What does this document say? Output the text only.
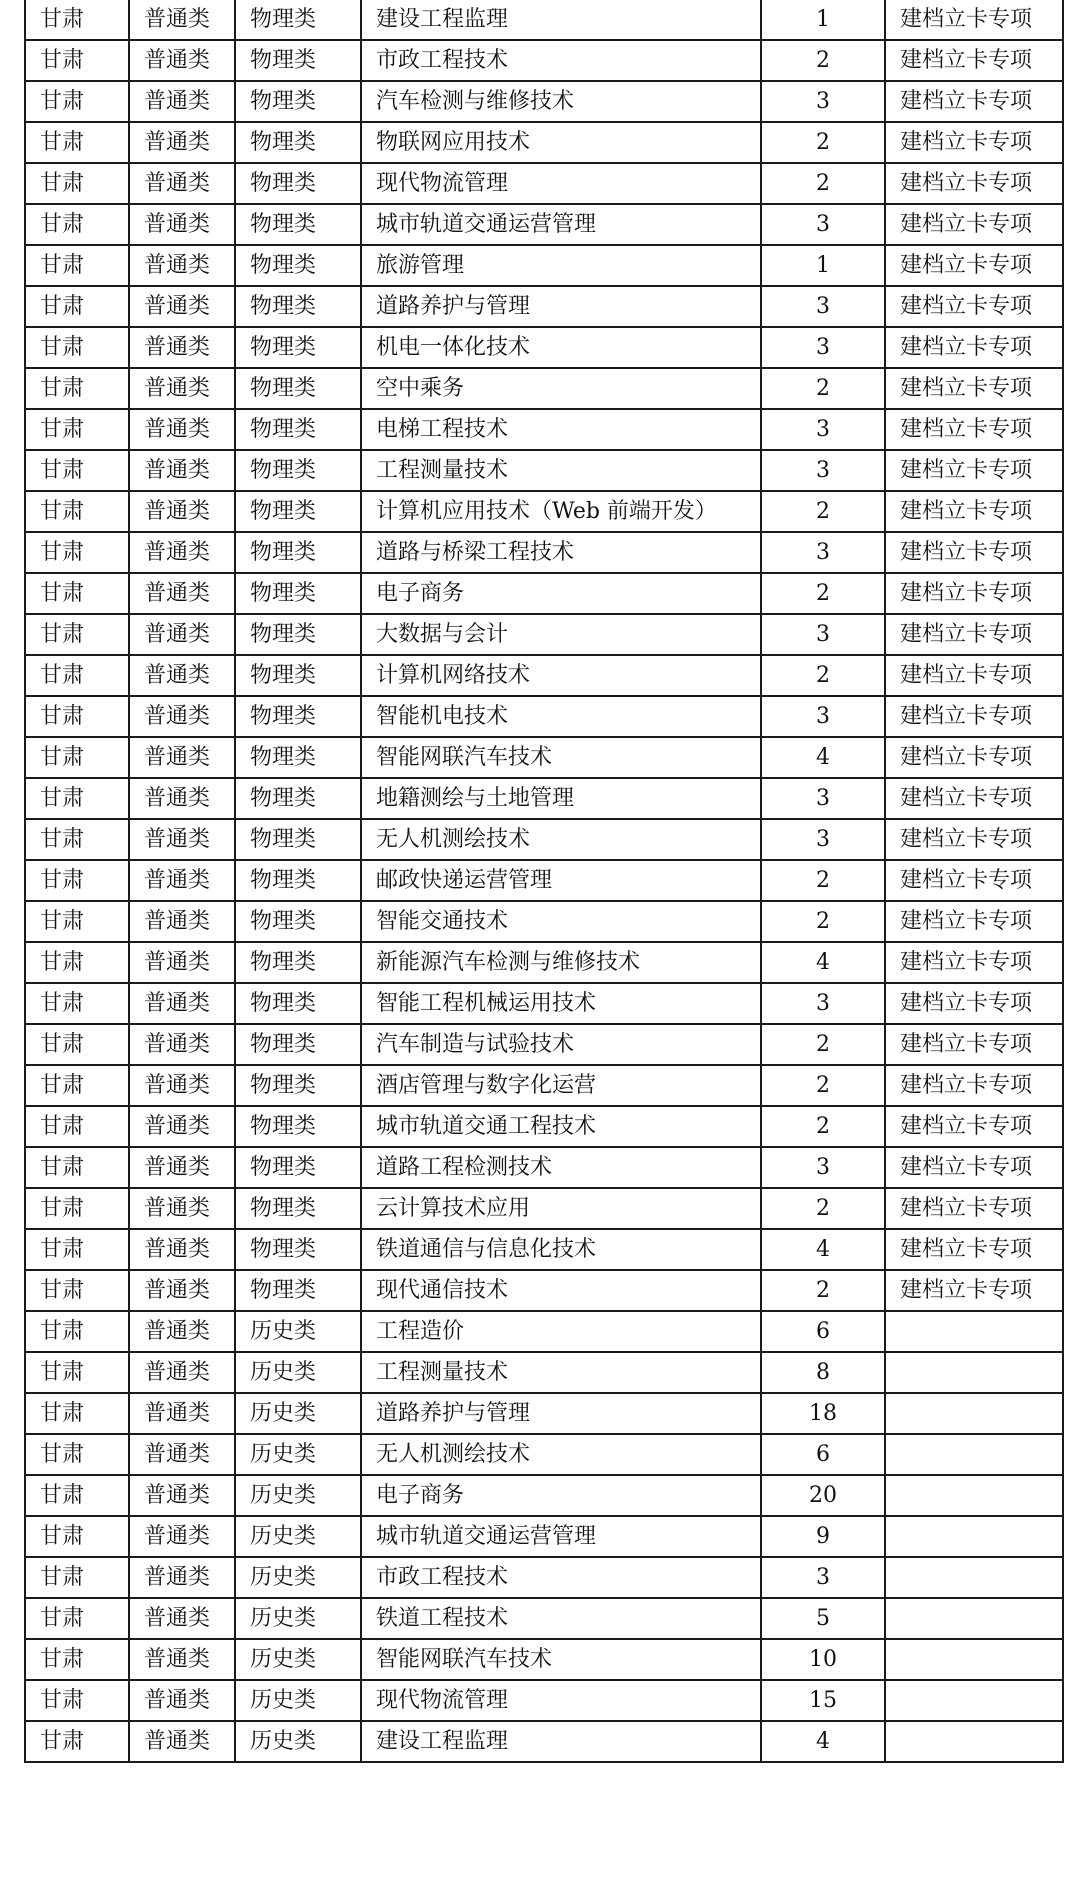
甘肃	普通类	物理类	建设工程监理	1	建档立卡专项
甘肃	普通类	物理类	市政工程技术	2	建档立卡专项
甘肃	普通类	物理类	汽车检测与维修技术	3	建档立卡专项
甘肃	普通类	物理类	物联网应用技术	2	建档立卡专项
甘肃	普通类	物理类	现代物流管理	2	建档立卡专项
甘肃	普通类	物理类	城市轨道交通运营管理	3	建档立卡专项
甘肃	普通类	物理类	旅游管理	1	建档立卡专项
甘肃	普通类	物理类	道路养护与管理	3	建档立卡专项
甘肃	普通类	物理类	机电一体化技术	3	建档立卡专项
甘肃	普通类	物理类	空中乘务	2	建档立卡专项
甘肃	普通类	物理类	电梯工程技术	3	建档立卡专项
甘肃	普通类	物理类	工程测量技术	3	建档立卡专项
甘肃	普通类	物理类	计算机应用技术（Web 前端开发）	2	建档立卡专项
甘肃	普通类	物理类	道路与桥梁工程技术	3	建档立卡专项
甘肃	普通类	物理类	电子商务	2	建档立卡专项
甘肃	普通类	物理类	大数据与会计	3	建档立卡专项
甘肃	普通类	物理类	计算机网络技术	2	建档立卡专项
甘肃	普通类	物理类	智能机电技术	3	建档立卡专项
甘肃	普通类	物理类	智能网联汽车技术	4	建档立卡专项
甘肃	普通类	物理类	地籍测绘与土地管理	3	建档立卡专项
甘肃	普通类	物理类	无人机测绘技术	3	建档立卡专项
甘肃	普通类	物理类	邮政快递运营管理	2	建档立卡专项
甘肃	普通类	物理类	智能交通技术	2	建档立卡专项
甘肃	普通类	物理类	新能源汽车检测与维修技术	4	建档立卡专项
甘肃	普通类	物理类	智能工程机械运用技术	3	建档立卡专项
甘肃	普通类	物理类	汽车制造与试验技术	2	建档立卡专项
甘肃	普通类	物理类	酒店管理与数字化运营	2	建档立卡专项
甘肃	普通类	物理类	城市轨道交通工程技术	2	建档立卡专项
甘肃	普通类	物理类	道路工程检测技术	3	建档立卡专项
甘肃	普通类	物理类	云计算技术应用	2	建档立卡专项
甘肃	普通类	物理类	铁道通信与信息化技术	4	建档立卡专项
甘肃	普通类	物理类	现代通信技术	2	建档立卡专项
甘肃	普通类	历史类	工程造价	6	
甘肃	普通类	历史类	工程测量技术	8	
甘肃	普通类	历史类	道路养护与管理	18	
甘肃	普通类	历史类	无人机测绘技术	6	
甘肃	普通类	历史类	电子商务	20	
甘肃	普通类	历史类	城市轨道交通运营管理	9	
甘肃	普通类	历史类	市政工程技术	3	
甘肃	普通类	历史类	铁道工程技术	5	
甘肃	普通类	历史类	智能网联汽车技术	10	
甘肃	普通类	历史类	现代物流管理	15	
甘肃	普通类	历史类	建设工程监理	4	
